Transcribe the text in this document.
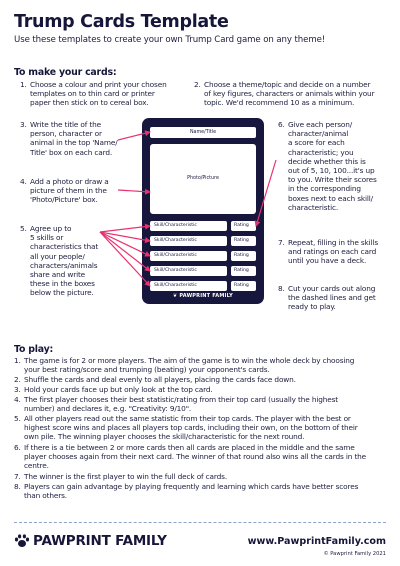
Trump Cards Template
Use these templates to create your own Trump Card game on any theme!
To make your cards:
1. Choose a colour and print your chosen
templates on to thin card or printer
paper then stick on to cereal box.
2. Choose a theme/topic and decide on a number
of key figures, characters or animals within your
topic. We'd recommend 10 as a minimum.
3. Write the title of the
person, character or
animal in the top 'Name/
Title' box on each card.
4. Add a photo or draw a
picture of them in the
'Photo/Picture' box.
5. Agree up to
5 skills or
characteristics that
all your people/
characters/animals
share and write
these in the boxes
below the picture.
6. Give each person/
character/animal
a score for each
characteristic; you
decide whether this is
out of 5, 10, 100...it's up
to you. Write their scores
in the corresponding
boxes next to each skill/
characteristic.
7. Repeat, filling in the skills
and ratings on each card
until you have a deck.
8. Cut your cards out along
the dashed lines and get
ready to play.
Name/Title
Photo/Picture
Skill/Characteristic	Rating
Skill/Characteristic	Rating
Skill/Characteristic	Rating
Skill/Characteristic	Rating
Skill/Characteristic	Rating
❦ PAWPRINT FAMILY
To play:
1. The game is for 2 or more players. The aim of the game is to win the whole deck by choosing
your best rating/score and trumping (beating) your opponent's cards.
2. Shuffle the cards and deal evenly to all players, placing the cards face down.
3. Hold your cards face up but only look at the top card.
4. The first player chooses their best statistic/rating from their top card (usually the highest
number) and declares it, e.g. "Creativity: 9/10".
5. All other players read out the same statistic from their top cards. The player with the best or
highest score wins and places all players top cards, including their own, on the bottom of their
own pile. The winning player chooses the skill/characteristic for the next round.
6. If there is a tie between 2 or more cards then all cards are placed in the middle and the same
player chooses again from their next card. The winner of that round also wins all the cards in the
centre.
7. The winner is the first player to win the full deck of cards.
8. Players can gain advantage by playing frequently and learning which cards have better scores
than others.
PAWPRINT FAMILY	www.PawprintFamily.com
© Pawprint Family 2021
